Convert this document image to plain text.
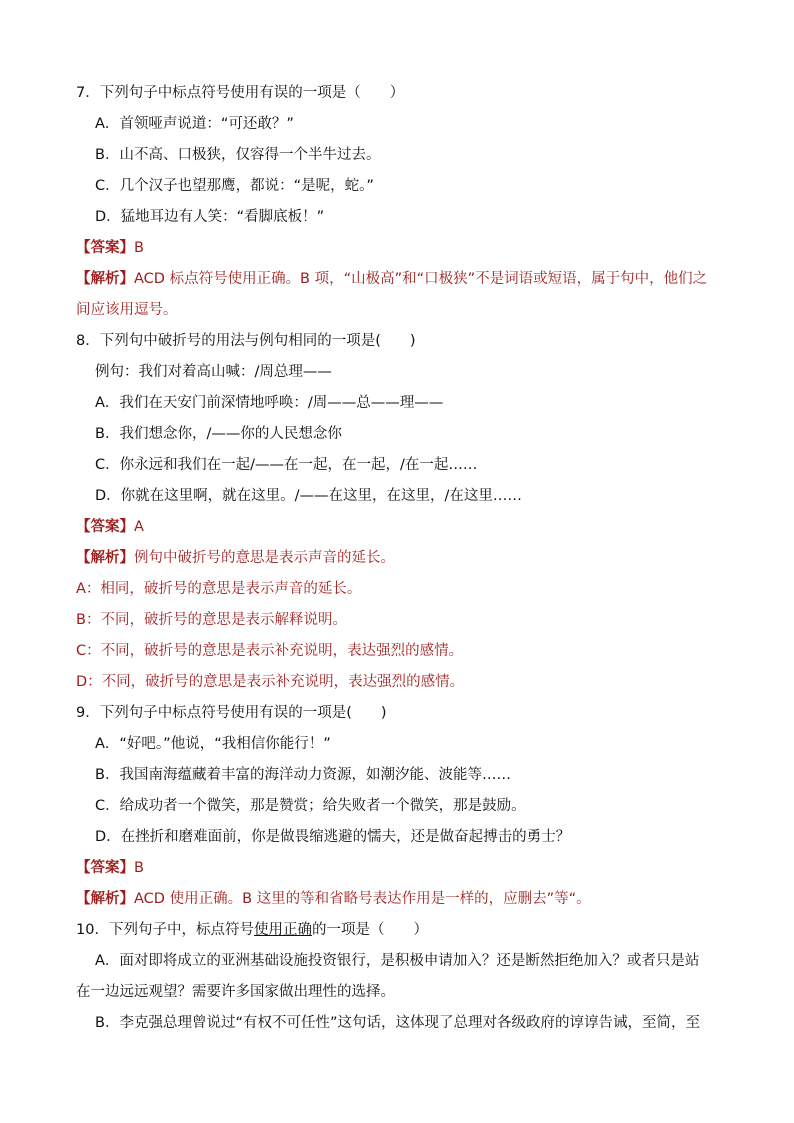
7．下列句子中标点符号使用有误的一项是（　　）
A．首领哑声说道：“可还敢？”
B．山不高、口极狭，仅容得一个半牛过去。
C．几个汉子也望那鹰，都说：“是呢，蛇。”
D．猛地耳边有人笑：“看脚底板！”
【答案】B
【解析】ACD 标点符号使用正确。B 项，“山极高”和“口极狭”不是词语或短语，属于句中，他们之间应该用逗号。
8．下列句中破折号的用法与例句相同的一项是(　　)
例句：我们对着高山喊：/周总理——
A．我们在天安门前深情地呼唤：/周——总——理——
B．我们想念你，/——你的人民想念你
C．你永远和我们在一起/——在一起，在一起，/在一起……
D．你就在这里啊，就在这里。/——在这里，在这里，/在这里……
【答案】A
【解析】例句中破折号的意思是表示声音的延长。
A：相同，破折号的意思是表示声音的延长。
B：不同，破折号的意思是表示解释说明。
C：不同，破折号的意思是表示补充说明，表达强烈的感情。
D：不同，破折号的意思是表示补充说明，表达强烈的感情。
9．下列句子中标点符号使用有误的一项是(　　)
A．“好吧。”他说，“我相信你能行！”
B．我国南海蕴藏着丰富的海洋动力资源，如潮汐能、波能等……
C．给成功者一个微笑，那是赞赏；给失败者一个微笑，那是鼓励。
D．在挫折和磨难面前，你是做畏缩逃避的懦夫，还是做奋起搏击的勇士？
【答案】B
【解析】ACD 使用正确。B 这里的等和省略号表达作用是一样的，应删去”等“。
10．下列句子中，标点符号使用正确的一项是（　　）
A．面对即将成立的亚洲基础设施投资银行，是积极申请加入？还是断然拒绝加入？或者只是站在一边远远观望？需要许多国家做出理性的选择。
B．李克强总理曾说过“有权不可任性”这句话，这体现了总理对各级政府的谆谆告诫，至简，至
